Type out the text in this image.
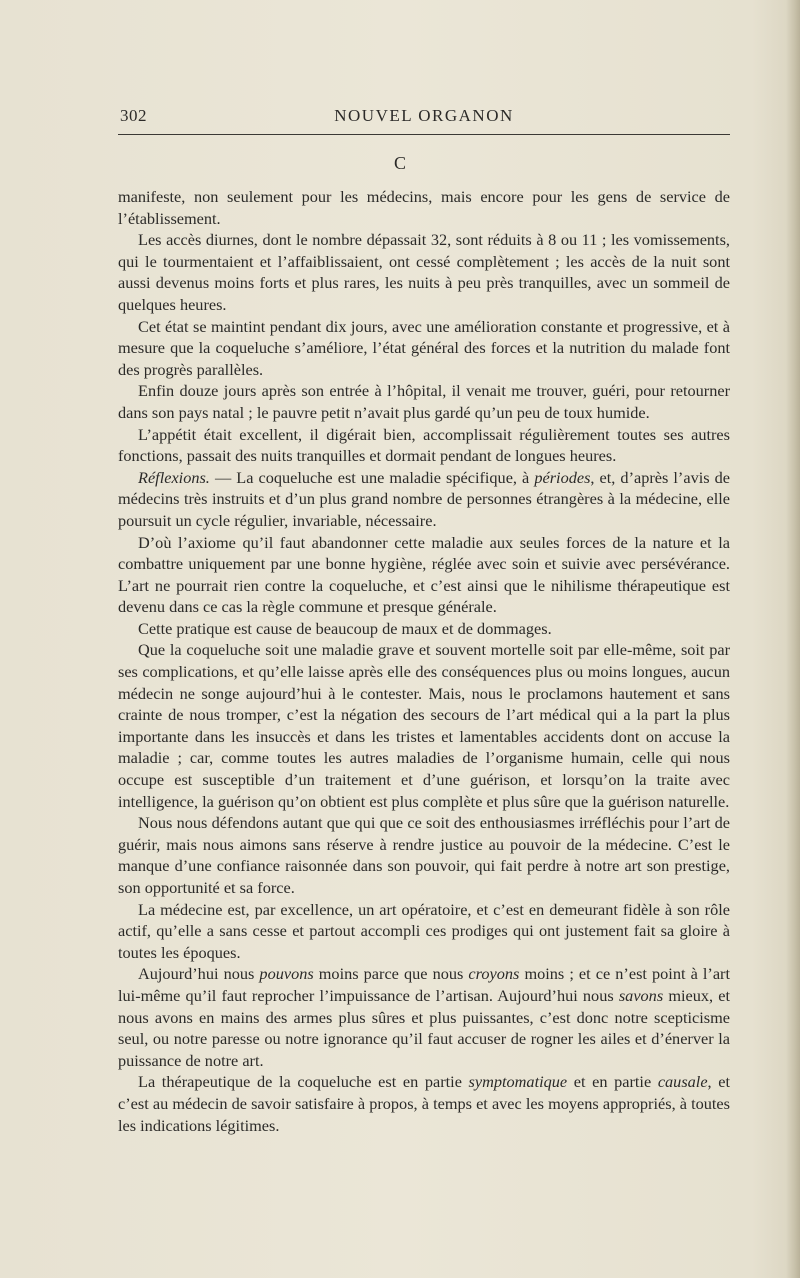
302	NOUVEL ORGANON
C

manifeste, non seulement pour les médecins, mais encore pour les gens de service de l’établissement.

Les accès diurnes, dont le nombre dépassait 32, sont réduits à 8 ou 11 ; les vomissements, qui le tourmentaient et l’affaiblissaient, ont cessé complètement ; les accès de la nuit sont aussi devenus moins forts et plus rares, les nuits à peu près tranquilles, avec un sommeil de quelques heures.

Cet état se maintint pendant dix jours, avec une amélioration constante et progressive, et à mesure que la coqueluche s’améliore, l’état général des forces et la nutrition du malade font des progrès parallèles.

Enfin douze jours après son entrée à l’hôpital, il venait me trouver, guéri, pour retourner dans son pays natal ; le pauvre petit n’avait plus gardé qu’un peu de toux humide.

L’appétit était excellent, il digérait bien, accomplissait régulièrement toutes ses autres fonctions, passait des nuits tranquilles et dormait pendant de longues heures.

Réflexions. — La coqueluche est une maladie spécifique, à périodes, et, d’après l’avis de médecins très instruits et d’un plus grand nombre de personnes étrangères à la médecine, elle poursuit un cycle régulier, invariable, nécessaire.

D’où l’axiome qu’il faut abandonner cette maladie aux seules forces de la nature et la combattre uniquement par une bonne hygiène, réglée avec soin et suivie avec persévérance. L’art ne pourrait rien contre la coqueluche, et c’est ainsi que le nihilisme thérapeutique est devenu dans ce cas la règle commune et presque générale.

Cette pratique est cause de beaucoup de maux et de dommages.

Que la coqueluche soit une maladie grave et souvent mortelle soit par elle-même, soit par ses complications, et qu’elle laisse après elle des conséquences plus ou moins longues, aucun médecin ne songe aujourd’hui à le contester. Mais, nous le proclamons hautement et sans crainte de nous tromper, c’est la négation des secours de l’art médical qui a la part la plus importante dans les insuccès et dans les tristes et lamentables accidents dont on accuse la maladie ; car, comme toutes les autres maladies de l’organisme humain, celle qui nous occupe est susceptible d’un traitement et d’une guérison, et lorsqu’on la traite avec intelligence, la guérison qu’on obtient est plus complète et plus sûre que la guérison naturelle.

Nous nous défendons autant que qui que ce soit des enthousiasmes irréfléchis pour l’art de guérir, mais nous aimons sans réserve à rendre justice au pouvoir de la médecine. C’est le manque d’une confiance raisonnée dans son pouvoir, qui fait perdre à notre art son prestige, son opportunité et sa force.

La médecine est, par excellence, un art opératoire, et c’est en demeurant fidèle à son rôle actif, qu’elle a sans cesse et partout accompli ces prodiges qui ont justement fait sa gloire à toutes les époques.

Aujourd’hui nous pouvons moins parce que nous croyons moins ; et ce n’est point à l’art lui-même qu’il faut reprocher l’impuissance de l’artisan. Aujourd’hui nous savons mieux, et nous avons en mains des armes plus sûres et plus puissantes, c’est donc notre scepticisme seul, ou notre paresse ou notre ignorance qu’il faut accuser de rogner les ailes et d’énerver la puissance de notre art.

La thérapeutique de la coqueluche est en partie symptomatique et en partie causale, et c’est au médecin de savoir satisfaire à propos, à temps et avec les moyens appropriés, à toutes les indications légitimes.
